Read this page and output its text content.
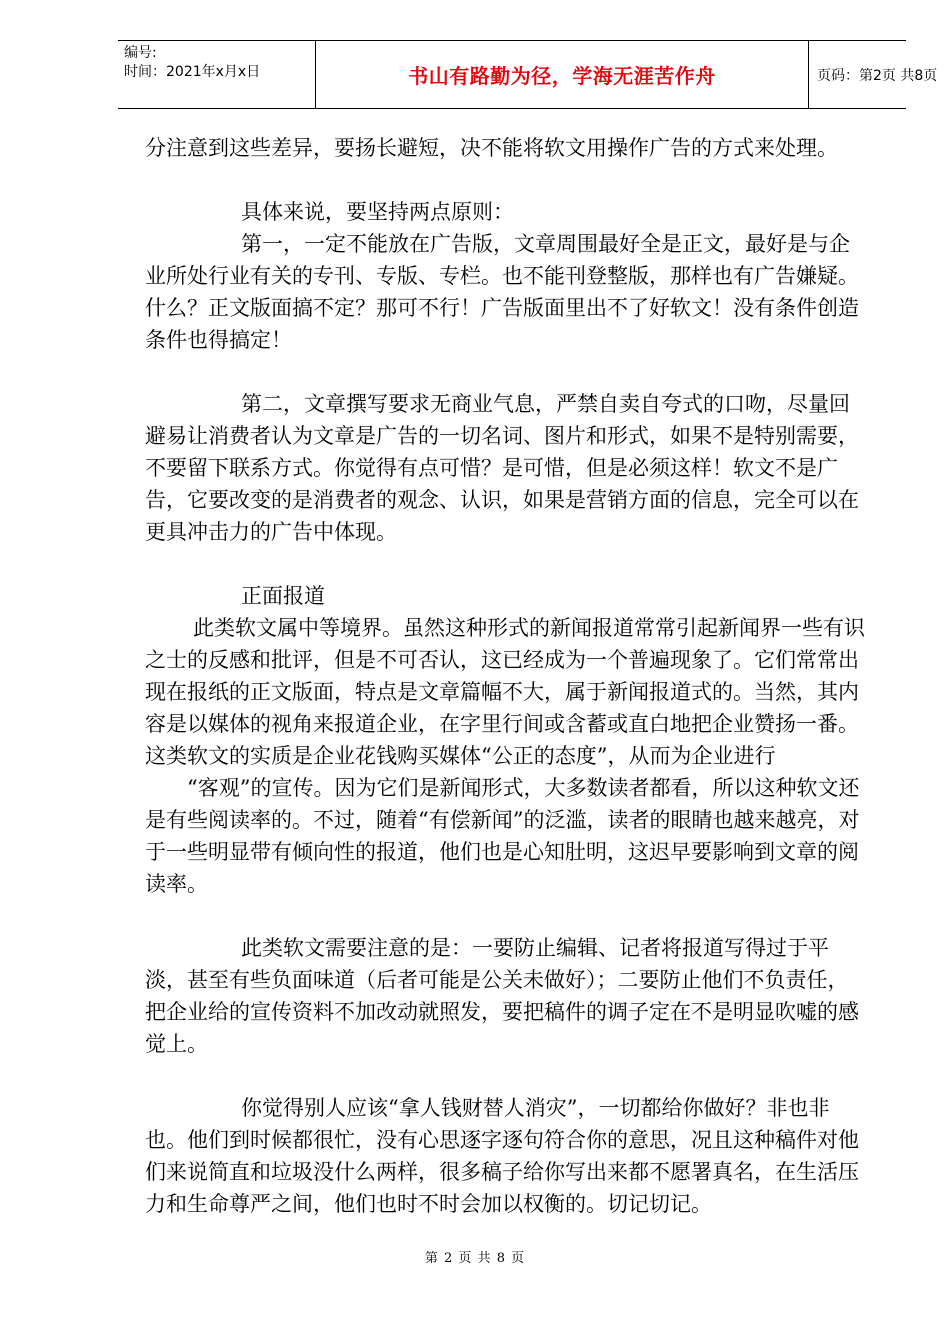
编号:
时间：2021年x月x日	书山有路勤为径，学海无涯苦作舟	页码：第2页 共8页

分注意到这些差异，要扬长避短，决不能将软文用操作广告的方式来处理。

具体来说，要坚持两点原则：

第一，一定不能放在广告版，文章周围最好全是正文，最好是与企业所处行业有关的专刊、专版、专栏。也不能刊登整版，那样也有广告嫌疑。什么？正文版面搞不定？那可不行！广告版面里出不了好软文！没有条件创造条件也得搞定！

第二，文章撰写要求无商业气息，严禁自卖自夸式的口吻，尽量回避易让消费者认为文章是广告的一切名词、图片和形式，如果不是特别需要，不要留下联系方式。你觉得有点可惜？是可惜，但是必须这样！软文不是广告，它要改变的是消费者的观念、认识，如果是营销方面的信息，完全可以在更具冲击力的广告中体现。

正面报道

此类软文属中等境界。虽然这种形式的新闻报道常常引起新闻界一些有识之士的反感和批评，但是不可否认，这已经成为一个普遍现象了。它们常常出现在报纸的正文版面，特点是文章篇幅不大，属于新闻报道式的。当然，其内容是以媒体的视角来报道企业，在字里行间或含蓄或直白地把企业赞扬一番。这类软文的实质是企业花钱购买媒体“公正的态度”，从而为企业进行

“客观”的宣传。因为它们是新闻形式，大多数读者都看，所以这种软文还是有些阅读率的。不过，随着“有偿新闻”的泛滥，读者的眼睛也越来越亮，对于一些明显带有倾向性的报道，他们也是心知肚明，这迟早要影响到文章的阅读率。

此类软文需要注意的是：一要防止编辑、记者将报道写得过于平淡，甚至有些负面味道（后者可能是公关未做好）；二要防止他们不负责任，把企业给的宣传资料不加改动就照发，要把稿件的调子定在不是明显吹嘘的感觉上。

你觉得别人应该“拿人钱财替人消灾”，一切都给你做好？非也非也。他们到时候都很忙，没有心思逐字逐句符合你的意思，况且这种稿件对他们来说简直和垃圾没什么两样，很多稿子给你写出来都不愿署真名，在生活压力和生命尊严之间，他们也时不时会加以权衡的。切记切记。

第 2 页 共 8 页
